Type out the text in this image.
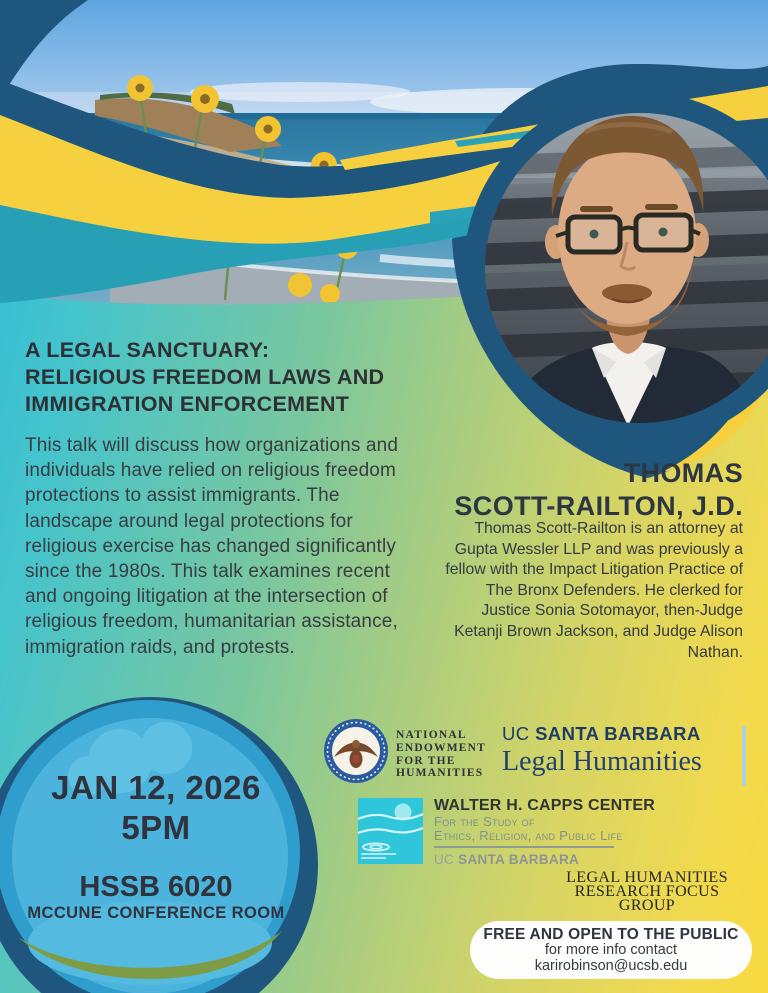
JAN 12, 2026
5PM
HSSB 6020
MCCUNE CONFERENCE ROOM
A LEGAL SANCTUARY:
RELIGIOUS FREEDOM LAWS AND
IMMIGRATION ENFORCEMENT
This talk will discuss how organizations and individuals have relied on religious freedom protections to assist immigrants. The landscape around legal protections for religious exercise has changed significantly since the 1980s. This talk examines recent and ongoing litigation at the intersection of religious freedom, humanitarian assistance, immigration raids, and protests.
THOMAS
SCOTT-RAILTON, J.D.
Thomas Scott-Railton is an attorney at Gupta Wessler LLP and was previously a fellow with the Impact Litigation Practice of The Bronx Defenders. He clerked for Justice Sonia Sotomayor, then-Judge Ketanji Brown Jackson, and Judge Alison Nathan.
NATIONAL
ENDOWMENT
FOR THE
HUMANITIES
UC SANTA BARBARA
Legal Humanities
WALTER H. CAPPS CENTER
For the Study of
Ethics, Religion, and Public Life
UC SANTA BARBARA
LEGAL HUMANITIES
RESEARCH FOCUS GROUP
FREE AND OPEN TO THE PUBLIC
for more info contact
karirobinson@ucsb.edu
